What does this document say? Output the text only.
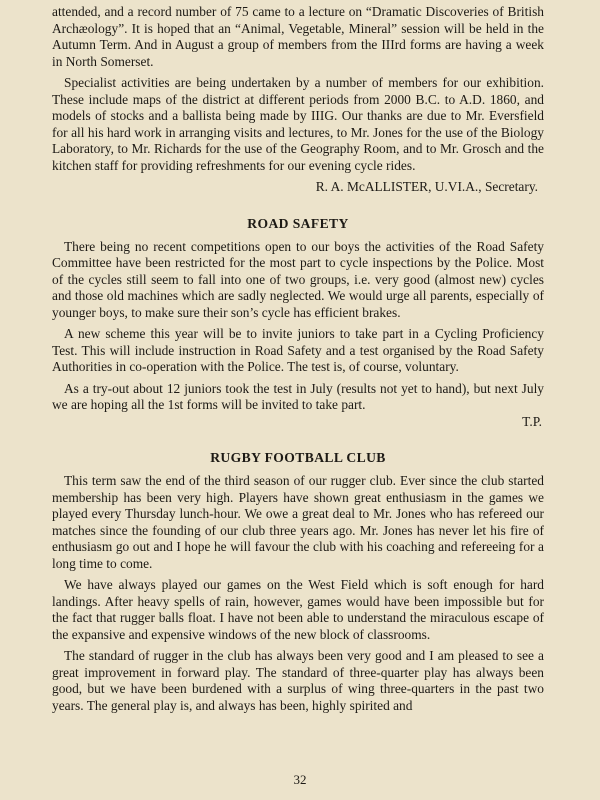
attended, and a record number of 75 came to a lecture on “Dramatic Discoveries of British Archæology”. It is hoped that an “Animal, Vegetable, Mineral” session will be held in the Autumn Term. And in August a group of members from the IIIrd forms are having a week in North Somerset.

Specialist activities are being undertaken by a number of members for our exhibition. These include maps of the district at different periods from 2000 B.C. to A.D. 1860, and models of stocks and a ballista being made by IIIG. Our thanks are due to Mr. Eversfield for all his hard work in arranging visits and lectures, to Mr. Jones for the use of the Biology Laboratory, to Mr. Richards for the use of the Geography Room, and to Mr. Grosch and the kitchen staff for providing refreshments for our evening cycle rides.

R. A. McALLISTER, U.VI.A., Secretary.
ROAD SAFETY

There being no recent competitions open to our boys the activities of the Road Safety Committee have been restricted for the most part to cycle inspections by the Police. Most of the cycles still seem to fall into one of two groups, i.e. very good (almost new) cycles and those old machines which are sadly neglected. We would urge all parents, especially of younger boys, to make sure their son’s cycle has efficient brakes.

A new scheme this year will be to invite juniors to take part in a Cycling Proficiency Test. This will include instruction in Road Safety and a test organised by the Road Safety Authorities in co-operation with the Police. The test is, of course, voluntary.

As a try-out about 12 juniors took the test in July (results not yet to hand), but next July we are hoping all the 1st forms will be invited to take part.

T.P.
RUGBY FOOTBALL CLUB

This term saw the end of the third season of our rugger club. Ever since the club started membership has been very high. Players have shown great enthusiasm in the games we played every Thursday lunch-hour. We owe a great deal to Mr. Jones who has refereed our matches since the founding of our club three years ago. Mr. Jones has never let his fire of enthusiasm go out and I hope he will favour the club with his coaching and refereeing for a long time to come.

We have always played our games on the West Field which is soft enough for hard landings. After heavy spells of rain, however, games would have been impossible but for the fact that rugger balls float. I have not been able to understand the miraculous escape of the expansive and expensive windows of the new block of classrooms.

The standard of rugger in the club has always been very good and I am pleased to see a great improvement in forward play. The standard of three-quarter play has always been good, but we have been burdened with a surplus of wing three-quarters in the past two years. The general play is, and always has been, highly spirited and

32
